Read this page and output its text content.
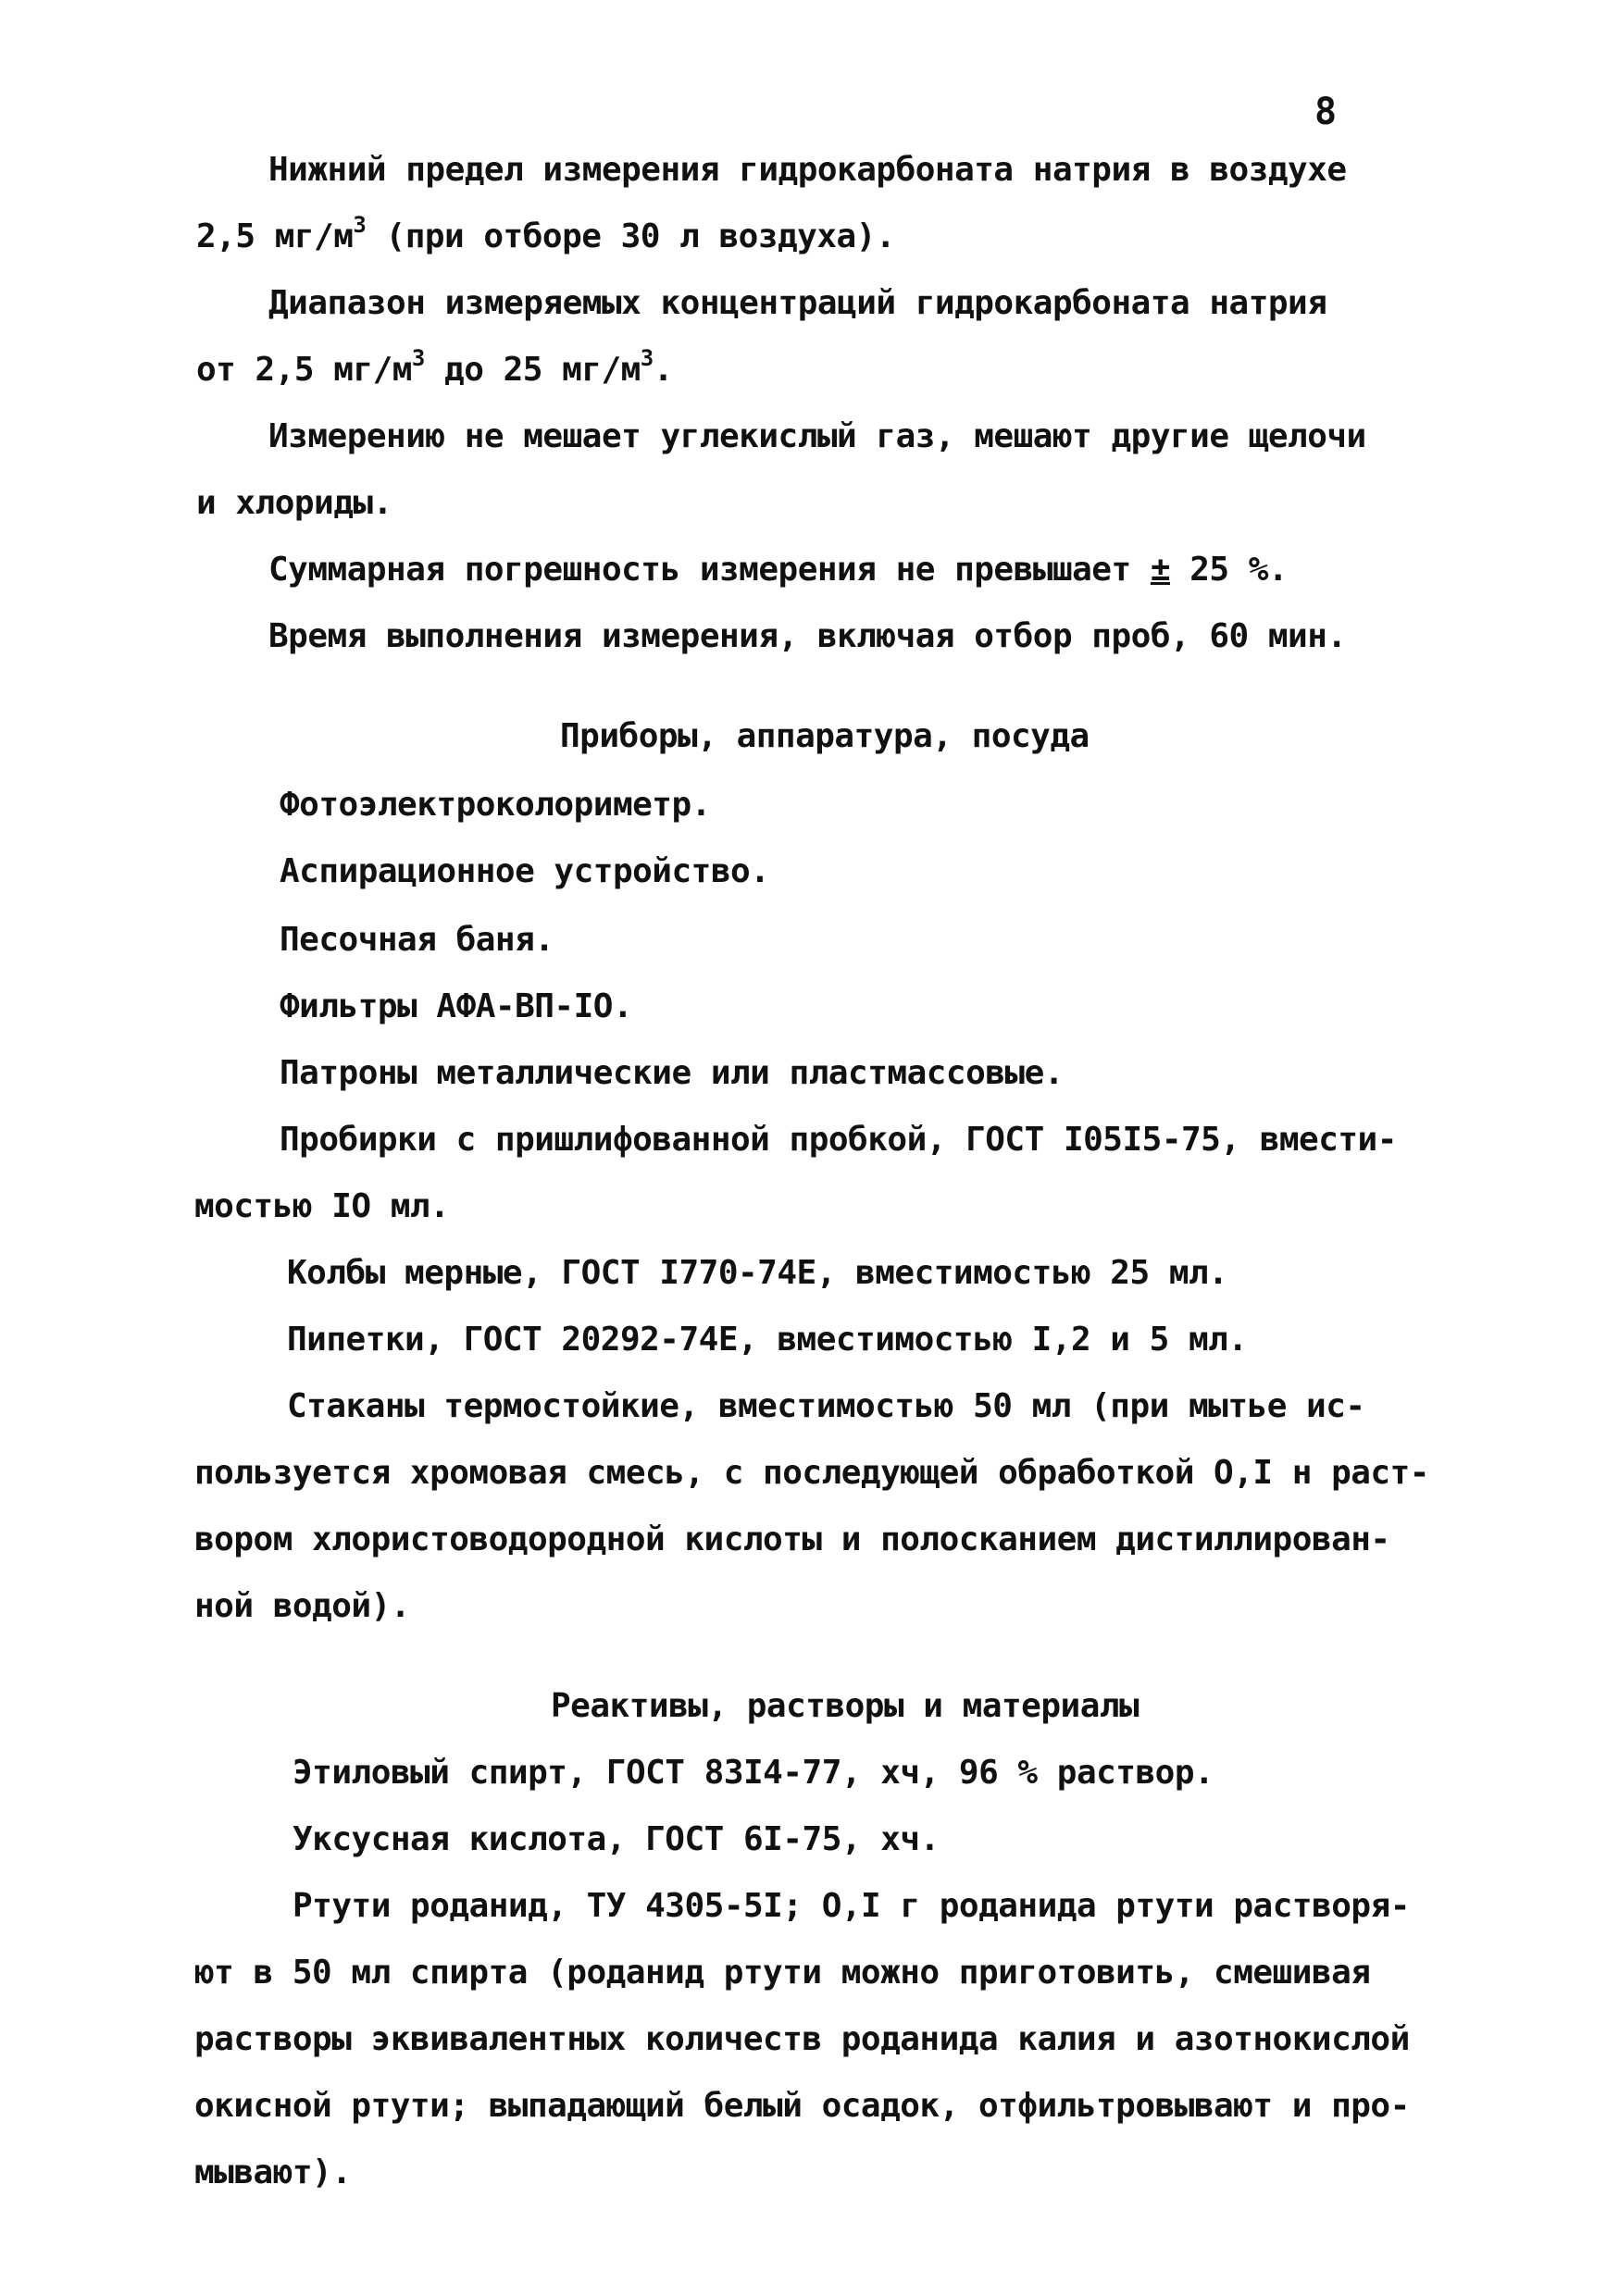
8
Нижний предел измерения гидрокарбоната натрия в воздухе
2,5 $мг/м^3$ (при отборе 30 л воздуха).
Диапазон измеряемых концентраций гидрокарбоната натрия
от 2,5 $мг/м^3$ до 25 $мг/м^3$.
Измерению не мешает углекислый газ, мешают другие щелочи
и хлориды.
Суммарная погрешность измерения не превышает ± 25 %.
Время выполнения измерения, включая отбор проб, 60 мин.
Приборы, аппаратура, посуда
Фотоэлектроколориметр.
Аспирационное устройство.
Песочная баня.
Фильтры АФА-ВП-IО.
Патроны металлические или пластмассовые.
Пробирки с пришлифованной пробкой, ГОСТ I05I5-75, вмести-
мостью IО мл.
Колбы мерные, ГОСТ I770-74Е, вместимостью 25 мл.
Пипетки, ГОСТ 20292-74Е, вместимостью I,2 и 5 мл.
Стаканы термостойкие, вместимостью 50 мл (при мытье ис-
пользуется хромовая смесь, с последующей обработкой О,I н раст-
вором хлористоводородной кислоты и полосканием дистиллирован-
ной водой).
Реактивы, растворы и материалы
Этиловый спирт, ГОСТ 83I4-77, хч, 96 % раствор.
Уксусная кислота, ГОСТ 6I-75, хч.
Ртути роданид, ТУ 4305-5I; О,I г роданида ртути растворя-
ют в 50 мл спирта (роданид ртути можно приготовить, смешивая
растворы эквивалентных количеств роданида калия и азотнокислой
окисной ртути; выпадающий белый осадок, отфильтровывают и про-
мывают).
